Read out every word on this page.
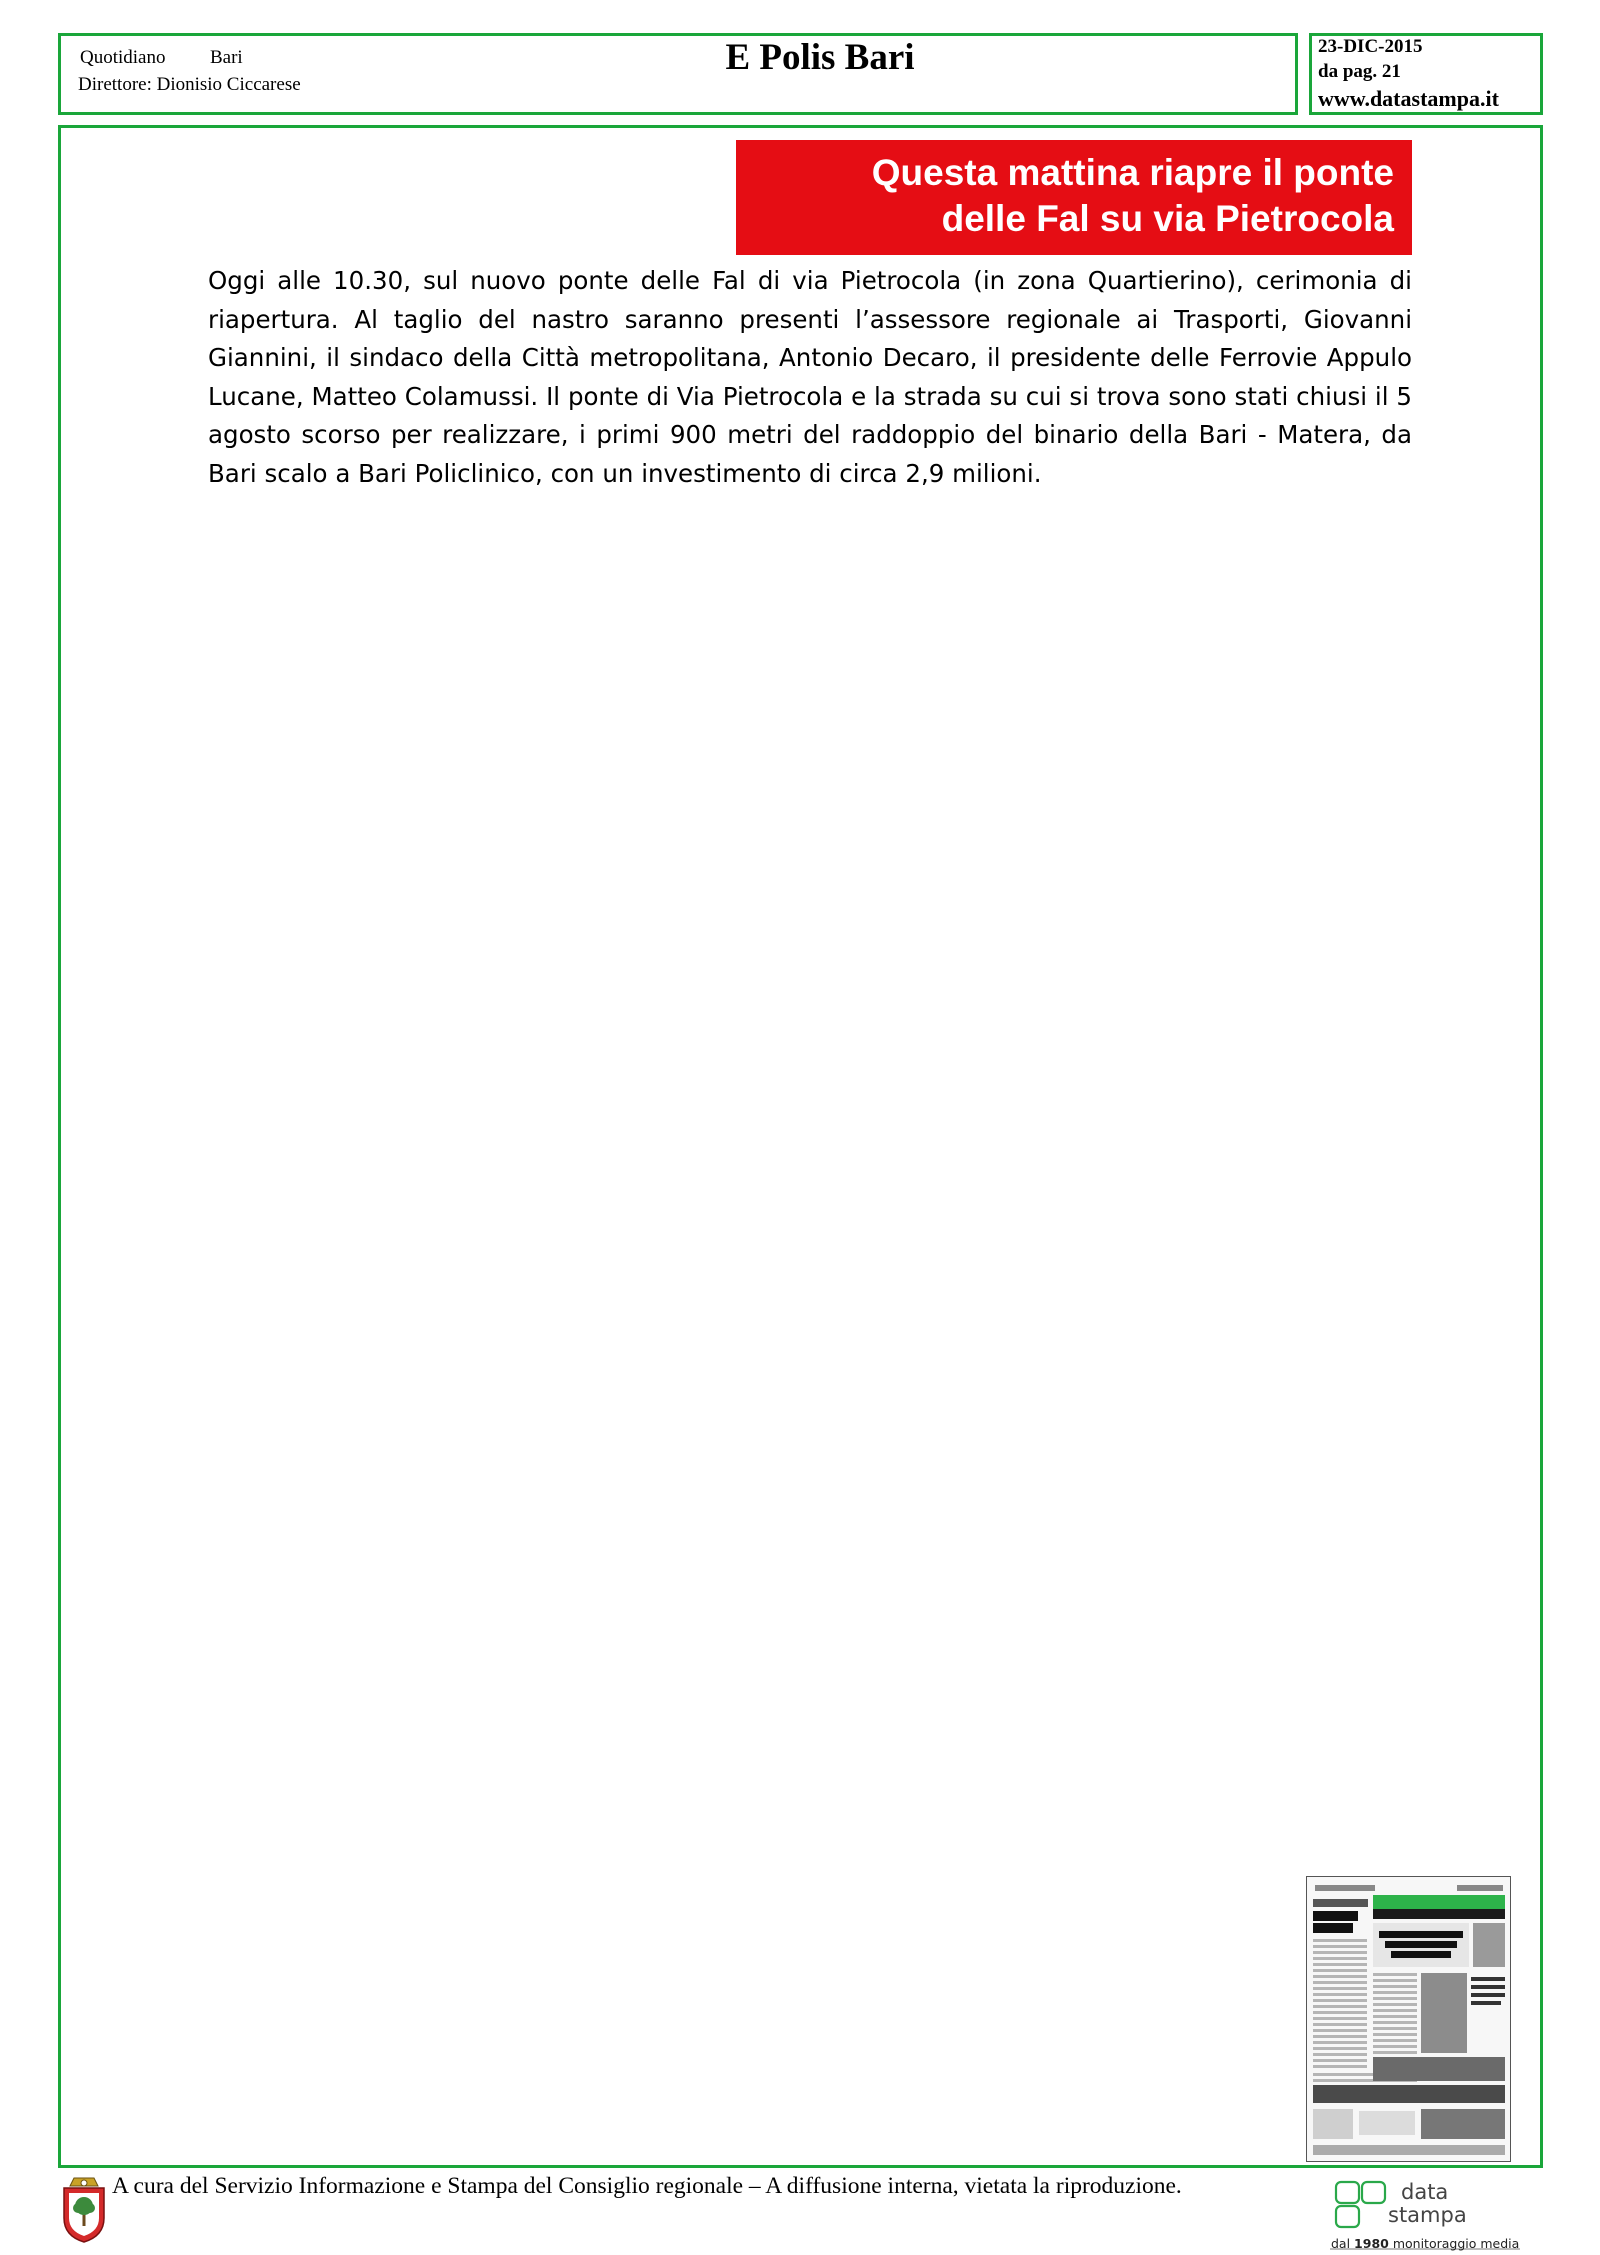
Quotidiano Bari
Direttore: Dionisio Ciccarese
E Polis Bari	23-DIC-2015
da pag. 21
www.datastampa.it
Questa mattina riapre il ponte
delle Fal su via Pietrocola
Oggi alle 10.30, sul nuovo ponte delle Fal di via Pietrocola (in zona Quartierino), cerimonia di riapertura. Al taglio del nastro saranno presenti l’assessore regionale ai Trasporti, Giovanni Giannini, il sindaco della Città metropolitana, Antonio Decaro, il presidente delle Ferrovie Appulo Lucane, Matteo Colamussi. Il ponte di Via Pietrocola e la strada su cui si trova sono stati chiusi il 5 agosto scorso per realizzare, i primi 900 metri del raddoppio del binario della Bari - Matera, da Bari scalo a Bari Policlinico, con un investimento di circa 2,9 milioni.
A cura del Servizio Informazione e Stampa del Consiglio regionale – A diffusione interna, vietata la riproduzione.	data
stampa
dal 1980 monitoraggio media
